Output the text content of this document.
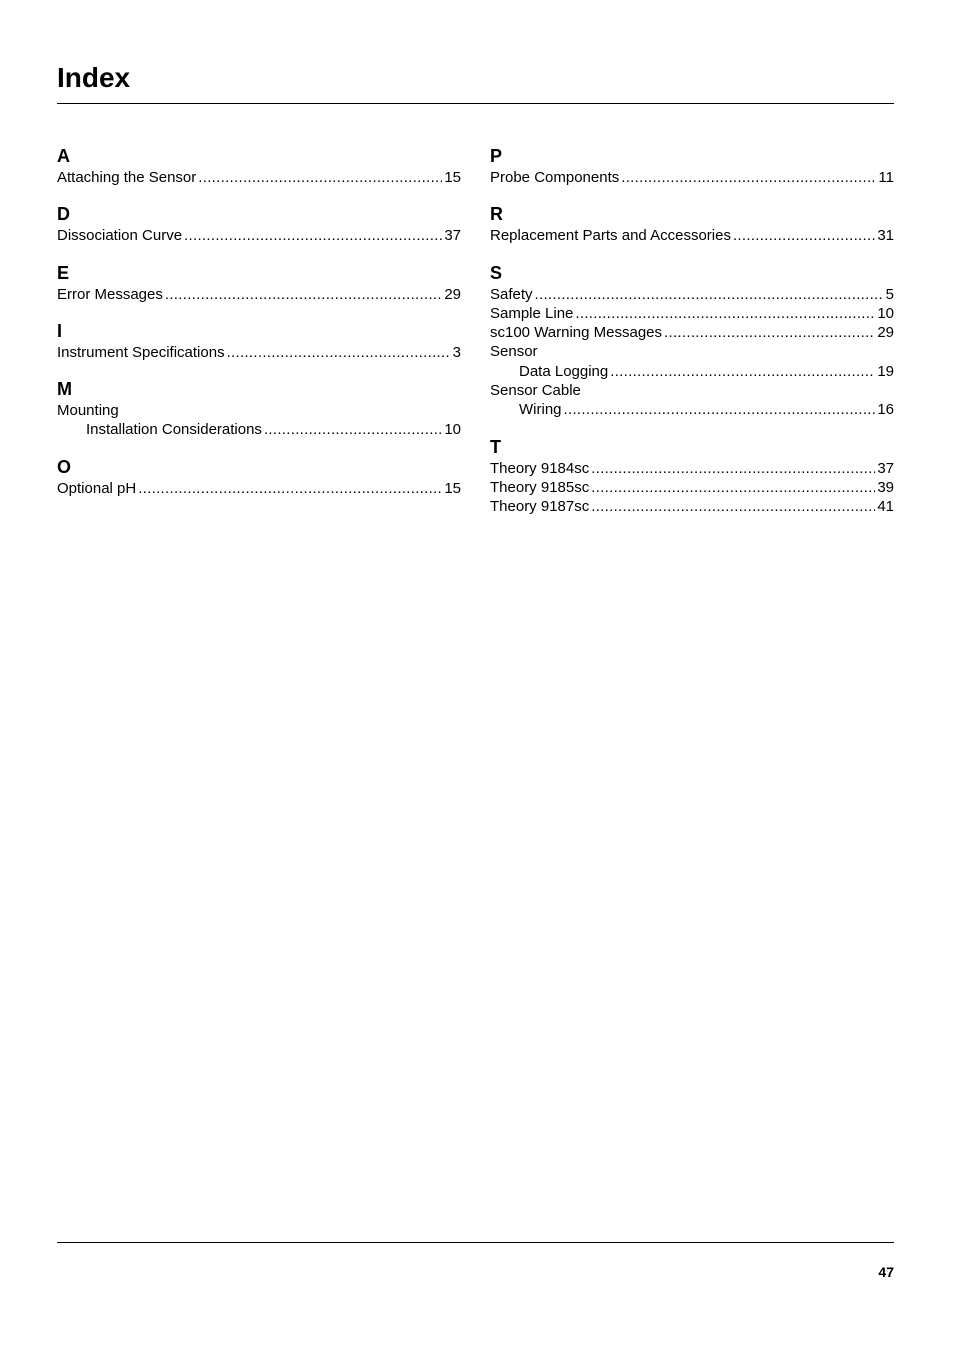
Index
A
Attaching the Sensor .....	15
D
Dissociation Curve .....	37
E
Error Messages .....	29
I
Instrument Specifications .....	3
M
Mounting
Installation Considerations .....	10
O
Optional pH .....	15
P
Probe Components .....	11
R
Replacement Parts and Accessories .....	31
S
Safety .....	5
Sample Line .....	10
sc100 Warning Messages .....	29
Sensor
Data Logging .....	19
Sensor Cable
Wiring .....	16
T
Theory 9184sc .....	37
Theory 9185sc .....	39
Theory 9187sc .....	41
47
